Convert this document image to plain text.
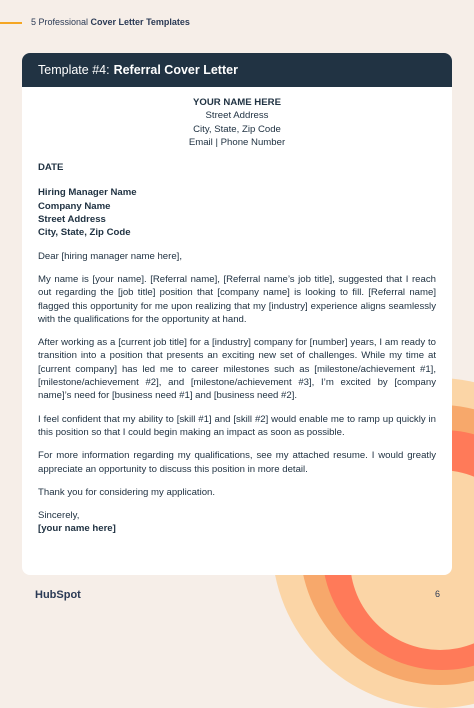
5 Professional Cover Letter Templates
Template #4: Referral Cover Letter
YOUR NAME HERE
Street Address
City, State, Zip Code
Email | Phone Number
DATE
Hiring Manager Name
Company Name
Street Address
City, State, Zip Code

Dear [hiring manager name here],

My name is [your name]. [Referral name], [Referral name’s job title], suggested that I reach out regarding the [job title] position that [company name] is looking to fill. [Referral name] flagged this opportunity for me upon realizing that my [industry] experience aligns seamlessly with the qualifications for the opportunity at hand.

After working as a [current job title] for a [industry] company for [number] years, I am ready to transition into a position that presents an exciting new set of challenges. While my time at [current company] has led me to career milestones such as [milestone/achievement #1], [milestone/achievement #2], and [milestone/achievement #3], I’m excited by [company name]’s need for [business need #1] and [business need #2].

I feel confident that my ability to [skill #1] and [skill #2] would enable me to ramp up quickly in this position so that I could begin making an impact as soon as possible.

For more information regarding my qualifications, see my attached resume. I would greatly appreciate an opportunity to discuss this position in more detail.

Thank you for considering my application.

Sincerely,
[your name here]
HubSpot	6
